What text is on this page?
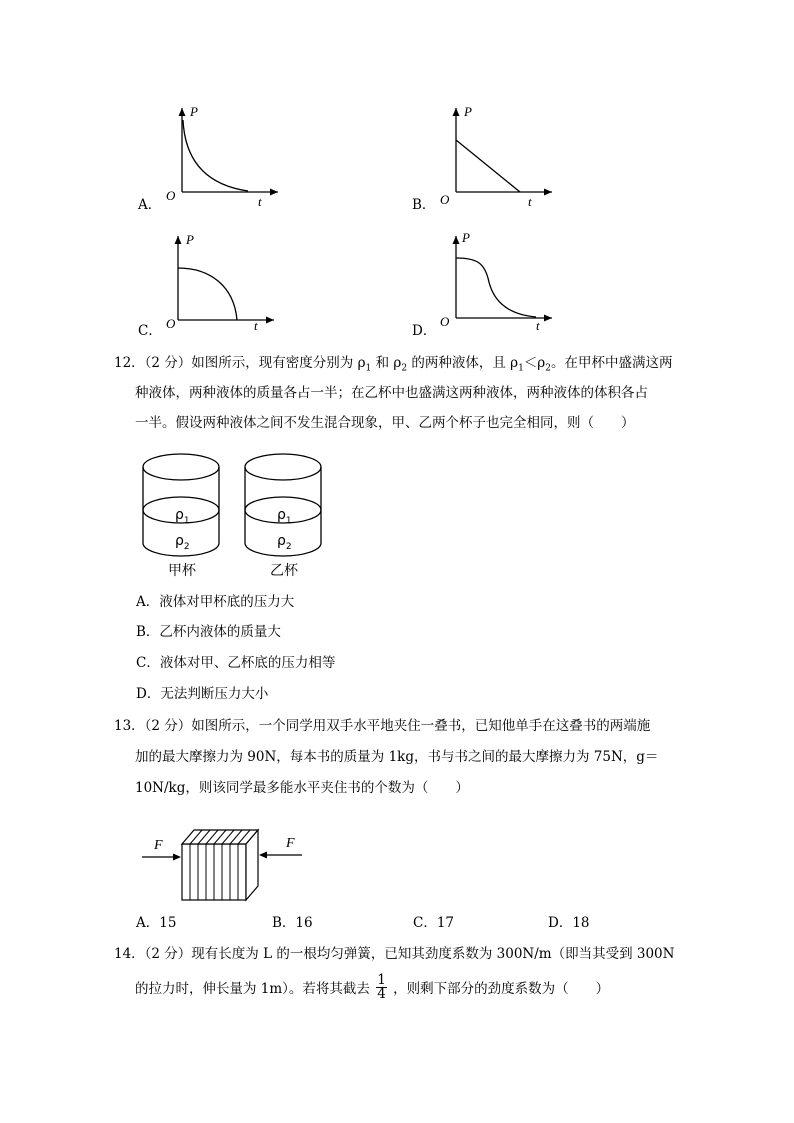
P
O	t
A．
P
O	t
B．
P
O	t
C．
P
O	t
D．
12．（2 分）如图所示，现有密度分别为 $\rho_1$ 和 $\rho_2$ 的两种液体，且 $\rho_1<\rho_2$。在甲杯中盛满这两
种液体，两种液体的质量各占一半；在乙杯中也盛满这两种液体，两种液体的体积各占
一半。假设两种液体之间不发生混合现象，甲、乙两个杯子也完全相同，则（　　）
$\rho_1$
$\rho_2$
甲杯
$\rho_1$
$\rho_2$
乙杯
A．液体对甲杯底的压力大
B．乙杯内液体的质量大
C．液体对甲、乙杯底的压力相等
D．无法判断压力大小
13．（2 分）如图所示，一个同学用双手水平地夹住一叠书，已知他单手在这叠书的两端施
加的最大摩擦力为 90N，每本书的质量为 1kg，书与书之间的最大摩擦力为 75N，g＝
10N/kg，则该同学最多能水平夹住书的个数为（　　）
F	F
A．15	B．16	C．17	D．18
14．（2 分）现有长度为 L 的一根均匀弹簧，已知其劲度系数为 300N/m（即当其受到 300N
的拉力时，伸长量为 1m）。若将其截去 $\frac{1}{4}$ ，则剩下部分的劲度系数为（　　）
